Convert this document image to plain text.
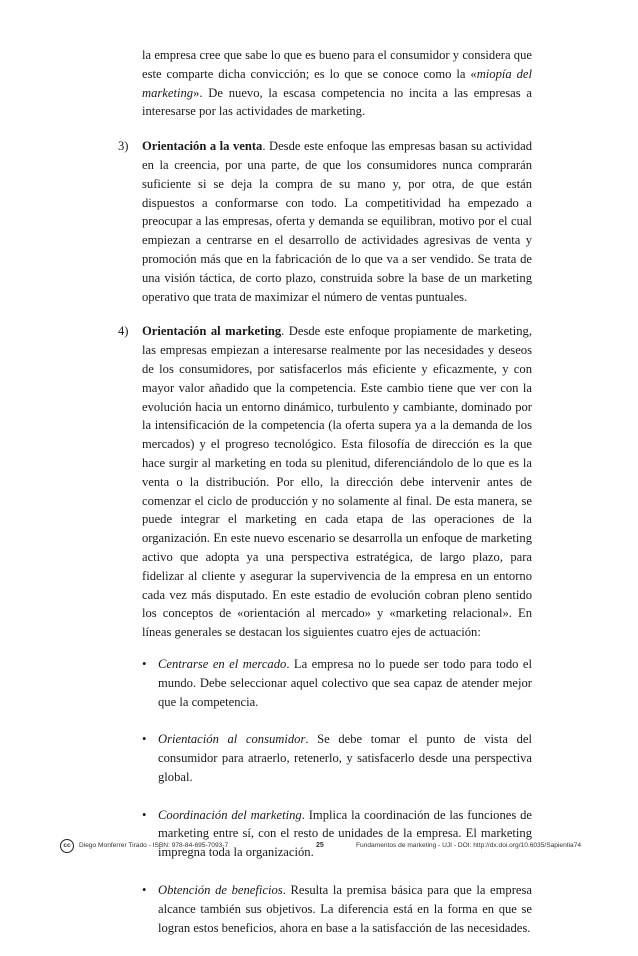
la empresa cree que sabe lo que es bueno para el consumidor y considera que este comparte dicha convicción; es lo que se conoce como la «miopía del marketing». De nuevo, la escasa competencia no incita a las empresas a interesarse por las actividades de marketing.

3) Orientación a la venta. Desde este enfoque las empresas basan su actividad en la creencia, por una parte, de que los consumidores nunca comprarán suficiente si se deja la compra de su mano y, por otra, de que están dispuestos a conformarse con todo. La competitividad ha empezado a preocupar a las empresas, oferta y demanda se equilibran, motivo por el cual empiezan a centrarse en el desarrollo de actividades agresivas de venta y promoción más que en la fabricación de lo que va a ser vendido. Se trata de una visión táctica, de corto plazo, construida sobre la base de un marketing operativo que trata de maximizar el número de ventas puntuales.

4) Orientación al marketing. Desde este enfoque propiamente de marketing, las empresas empiezan a interesarse realmente por las necesidades y deseos de los consumidores, por satisfacerlos más eficiente y eficazmente, y con mayor valor añadido que la competencia. Este cambio tiene que ver con la evolución hacia un entorno dinámico, turbulento y cambiante, dominado por la intensificación de la competencia (la oferta supera ya a la demanda de los mercados) y el progreso tecnológico. Esta filosofía de dirección es la que hace surgir al marketing en toda su plenitud, diferenciándolo de lo que es la venta o la distribución. Por ello, la dirección debe intervenir antes de comenzar el ciclo de producción y no solamente al final. De esta manera, se puede integrar el marketing en cada etapa de las operaciones de la organización. En este nuevo escenario se desarrolla un enfoque de marketing activo que adopta ya una perspectiva estratégica, de largo plazo, para fidelizar al cliente y asegurar la supervivencia de la empresa en un entorno cada vez más disputado. En este estadio de evolución cobran pleno sentido los conceptos de «orientación al mercado» y «marketing relacional». En líneas generales se destacan los siguientes cuatro ejes de actuación:

• Centrarse en el mercado. La empresa no lo puede ser todo para todo el mundo. Debe seleccionar aquel colectivo que sea capaz de atender mejor que la competencia.

• Orientación al consumidor. Se debe tomar el punto de vista del consumidor para atraerlo, retenerlo, y satisfacerlo desde una perspectiva global.

• Coordinación del marketing. Implica la coordinación de las funciones de marketing entre sí, con el resto de unidades de la empresa. El marketing impregna toda la organización.

• Obtención de beneficios. Resulta la premisa básica para que la empresa alcance también sus objetivos. La diferencia está en la forma en que se logran estos beneficios, ahora en base a la satisfacción de las necesidades.

cc	Diego Monferrer Tirado - ISBN: 978-84-695-7093-7	25	Fundamentos de marketing - UJI - DOI: http://dx.doi.org/10.6035/Sapientia74
